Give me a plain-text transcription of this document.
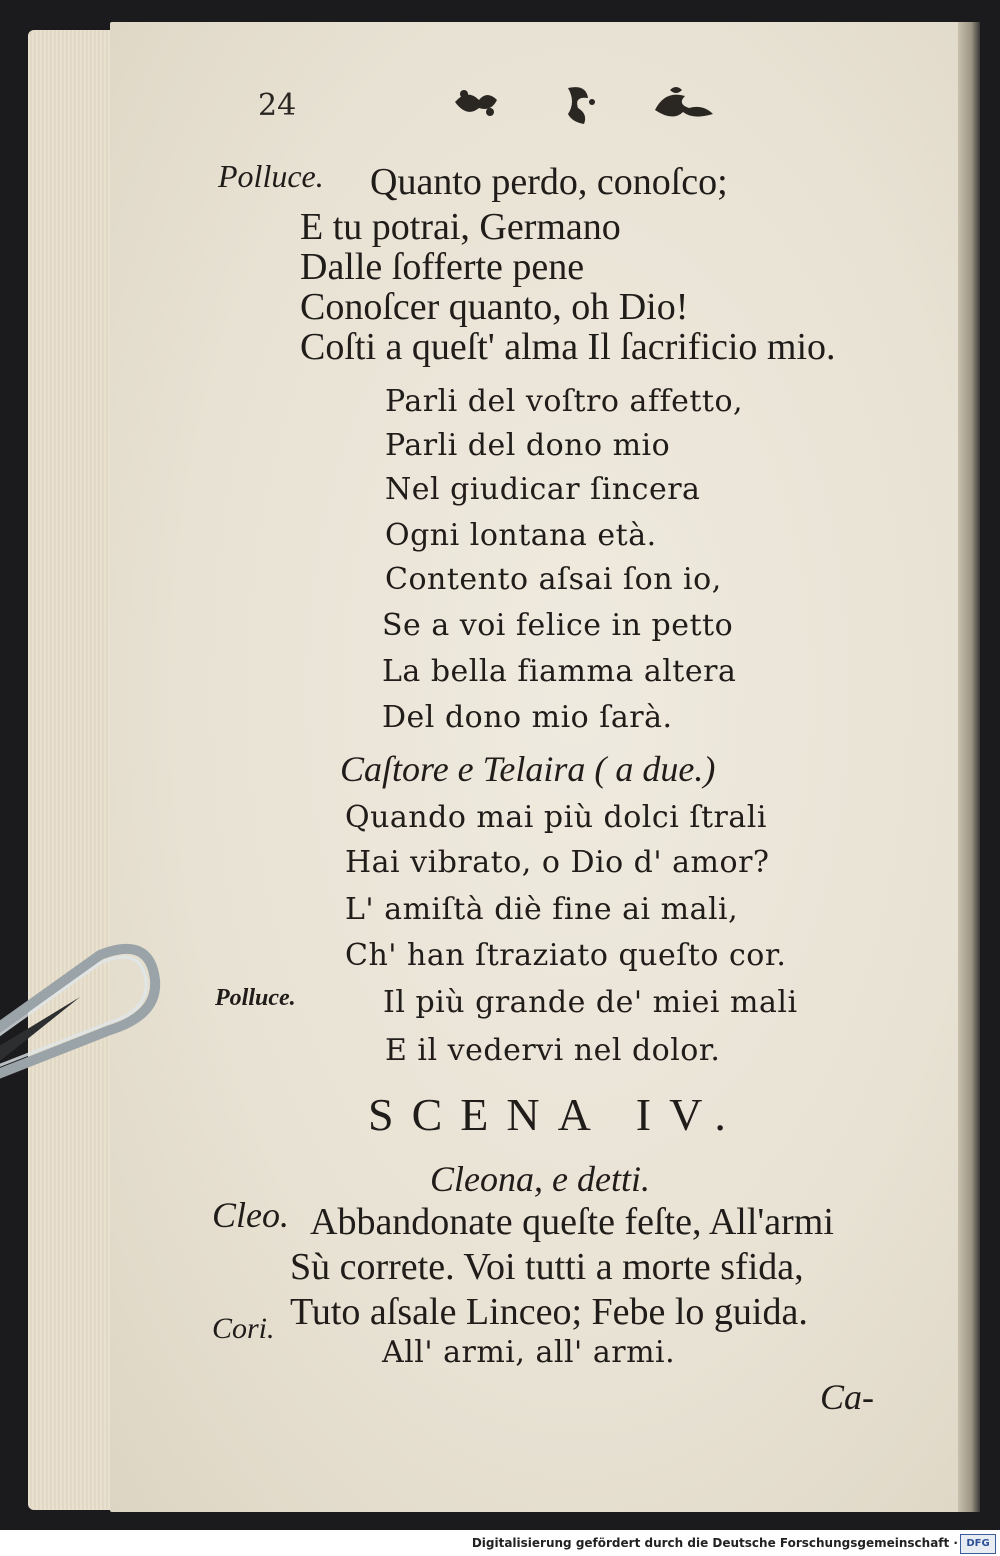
24
Polluce. Quanto perdo, conoſco;
E tu potrai, Germano
Dalle ſofferte pene
Conoſcer quanto, oh Dio!
Coſti a queſt' alma Il ſacrificio mio.
Parli del voſtro affetto,
Parli del dono mio
Nel giudicar ſincera
Ogni lontana età.
Contento aſsai ſon io,
Se a voi felice in petto
La bella fiamma altera
Del dono mio ſarà.
Caſtore e Telaira ( a due.)
Quando mai più dolci ſtrali
Hai vibrato, o Dio d' amor?
L' amiſtà diè fine ai mali,
Ch' han ſtraziato queſto cor.
Polluce.	Il più grande de' miei mali
E il vedervi nel dolor.
SCENA IV.
Cleona, e detti.
Cleo. Abbandonate queſte feſte, All'armi
Sù correte. Voi tutti a morte sfida,
Tuto aſsale Linceo; Febe lo guida.
Cori.
All' armi, all' armi.
Ca-
Digitalisierung gefördert durch die Deutsche Forschungsgemeinschaft · DFG
